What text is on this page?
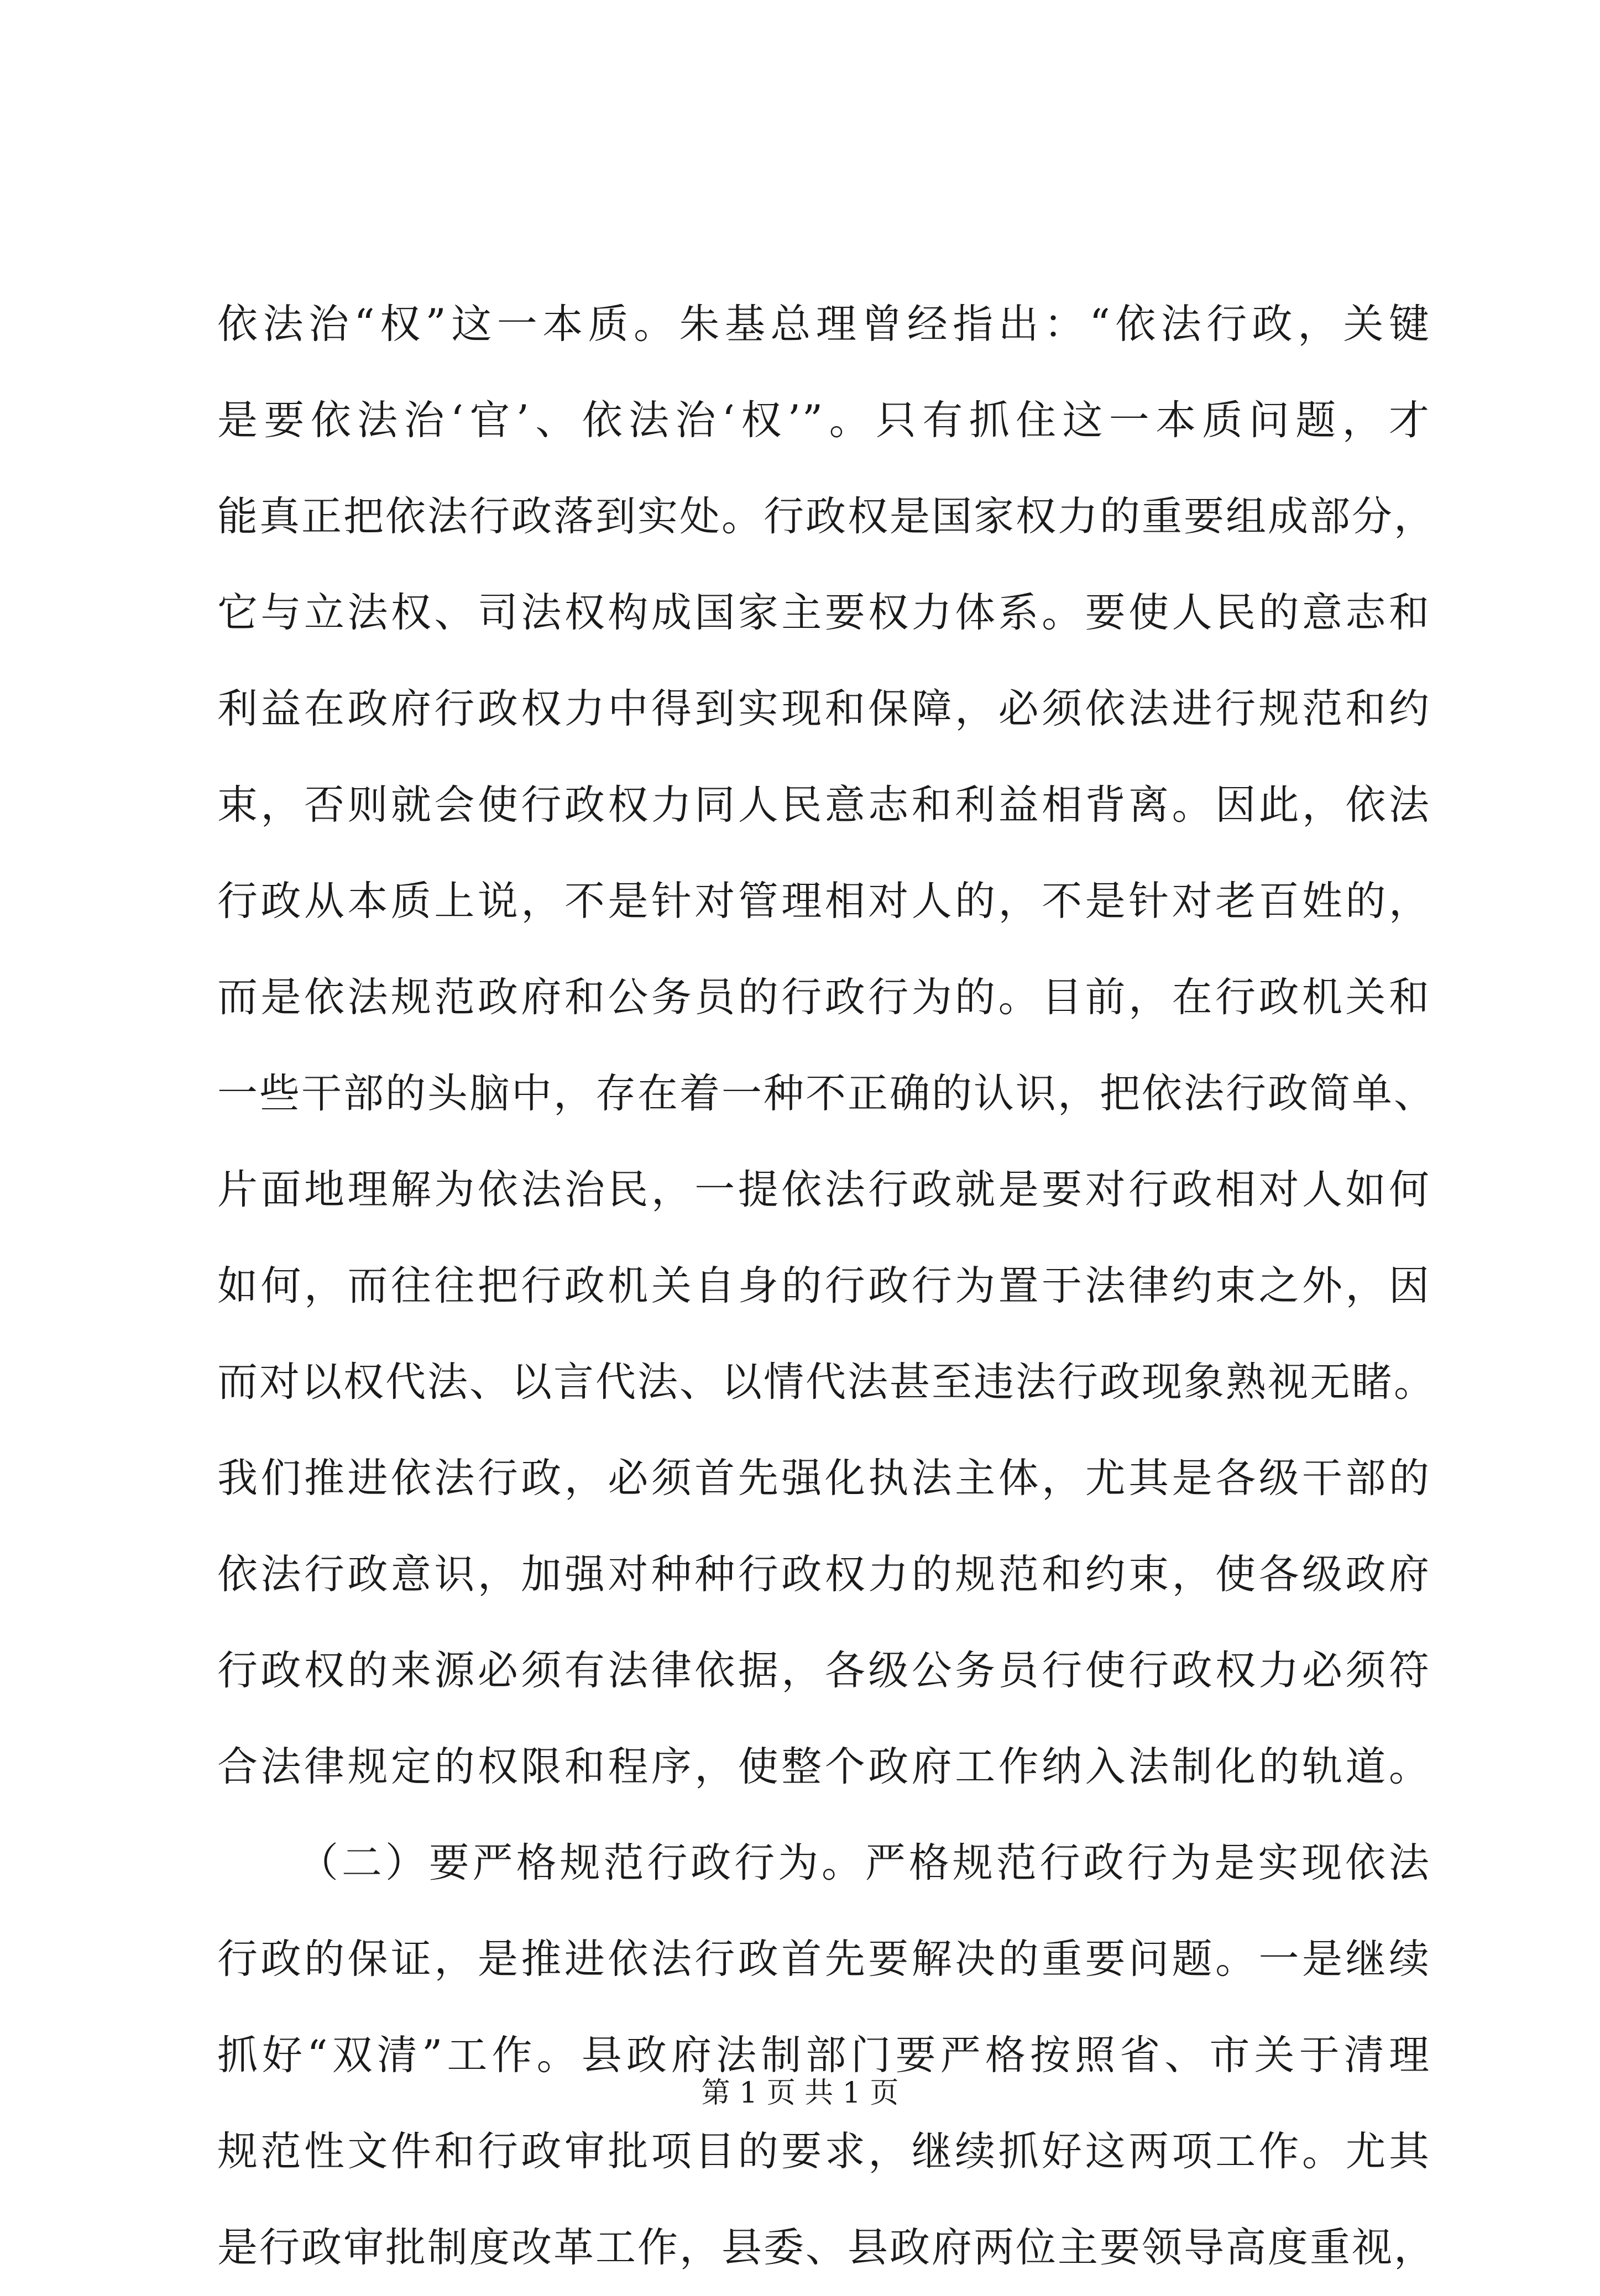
依法治“权”这一本质。朱基总理曾经指出：“依法行政，关键
是要依法治‘官’、依法治‘权’”。只有抓住这一本质问题，才
能真正把依法行政落到实处。行政权是国家权力的重要组成部分，
它与立法权、司法权构成国家主要权力体系。要使人民的意志和
利益在政府行政权力中得到实现和保障，必须依法进行规范和约
束，否则就会使行政权力同人民意志和利益相背离。因此，依法
行政从本质上说，不是针对管理相对人的，不是针对老百姓的，
而是依法规范政府和公务员的行政行为的。目前，在行政机关和
一些干部的头脑中，存在着一种不正确的认识，把依法行政简单、
片面地理解为依法治民，一提依法行政就是要对行政相对人如何
如何，而往往把行政机关自身的行政行为置于法律约束之外，因
而对以权代法、以言代法、以情代法甚至违法行政现象熟视无睹。
我们推进依法行政，必须首先强化执法主体，尤其是各级干部的
依法行政意识，加强对种种行政权力的规范和约束，使各级政府
行政权的来源必须有法律依据，各级公务员行使行政权力必须符
合法律规定的权限和程序，使整个政府工作纳入法制化的轨道。
（二）要严格规范行政行为。严格规范行政行为是实现依法
行政的保证，是推进依法行政首先要解决的重要问题。一是继续
抓好“双清”工作。县政府法制部门要严格按照省、市关于清理
规范性文件和行政审批项目的要求，继续抓好这两项工作。尤其
是行政审批制度改革工作，县委、县政府两位主要领导高度重视，
第 1 页 共 1 页
